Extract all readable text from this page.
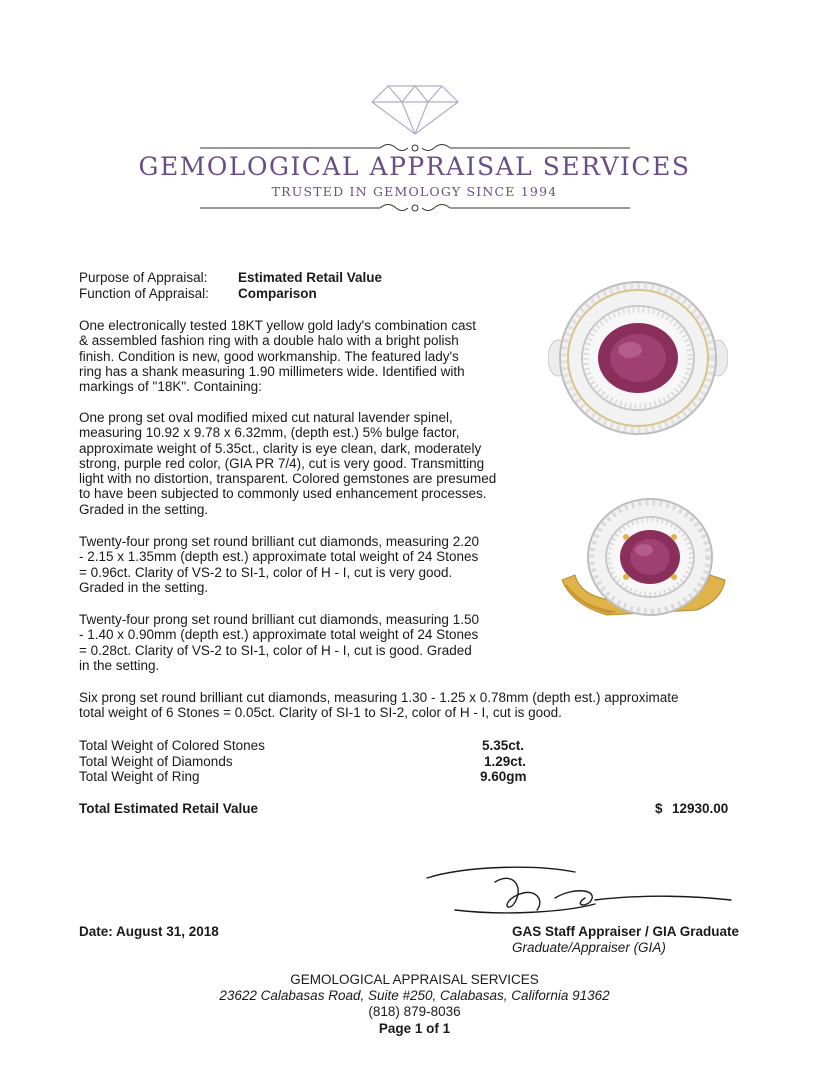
GEMOLOGICAL APPRAISAL SERVICES
TRUSTED IN GEMOLOGY SINCE 1994
Purpose of Appraisal: Estimated Retail Value
Function of Appraisal: Comparison
One electronically tested 18KT yellow gold lady's combination cast
& assembled fashion ring with a double halo with a bright polish
finish. Condition is new, good workmanship. The featured lady's
ring has a shank measuring 1.90 millimeters wide. Identified with
markings of "18K". Containing:
One prong set oval modified mixed cut natural lavender spinel,
measuring 10.92 x 9.78 x 6.32mm, (depth est.) 5% bulge factor,
approximate weight of 5.35ct., clarity is eye clean, dark, moderately
strong, purple red color, (GIA PR 7/4), cut is very good. Transmitting
light with no distortion, transparent. Colored gemstones are presumed
to have been subjected to commonly used enhancement processes.
Graded in the setting.
Twenty-four prong set round brilliant cut diamonds, measuring 2.20
- 2.15 x 1.35mm (depth est.) approximate total weight of 24 Stones
= 0.96ct. Clarity of VS-2 to SI-1, color of H - I, cut is very good.
Graded in the setting.
Twenty-four prong set round brilliant cut diamonds, measuring 1.50
- 1.40 x 0.90mm (depth est.) approximate total weight of 24 Stones
= 0.28ct. Clarity of VS-2 to SI-1, color of H - I, cut is good. Graded
in the setting.
Six prong set round brilliant cut diamonds, measuring 1.30 - 1.25 x 0.78mm (depth est.) approximate
total weight of 6 Stones = 0.05ct. Clarity of SI-1 to SI-2, color of H - I, cut is good.
Total Weight of Colored Stones	5.35ct.
Total Weight of Diamonds	1.29ct.
Total Weight of Ring	9.60gm
Total Estimated Retail Value	$ 12930.00
Date: August 31, 2018	GAS Staff Appraiser / GIA Graduate
Graduate/Appraiser (GIA)
GEMOLOGICAL APPRAISAL SERVICES
23622 Calabasas Road, Suite #250, Calabasas, California 91362
(818) 879-8036
Page 1 of 1
